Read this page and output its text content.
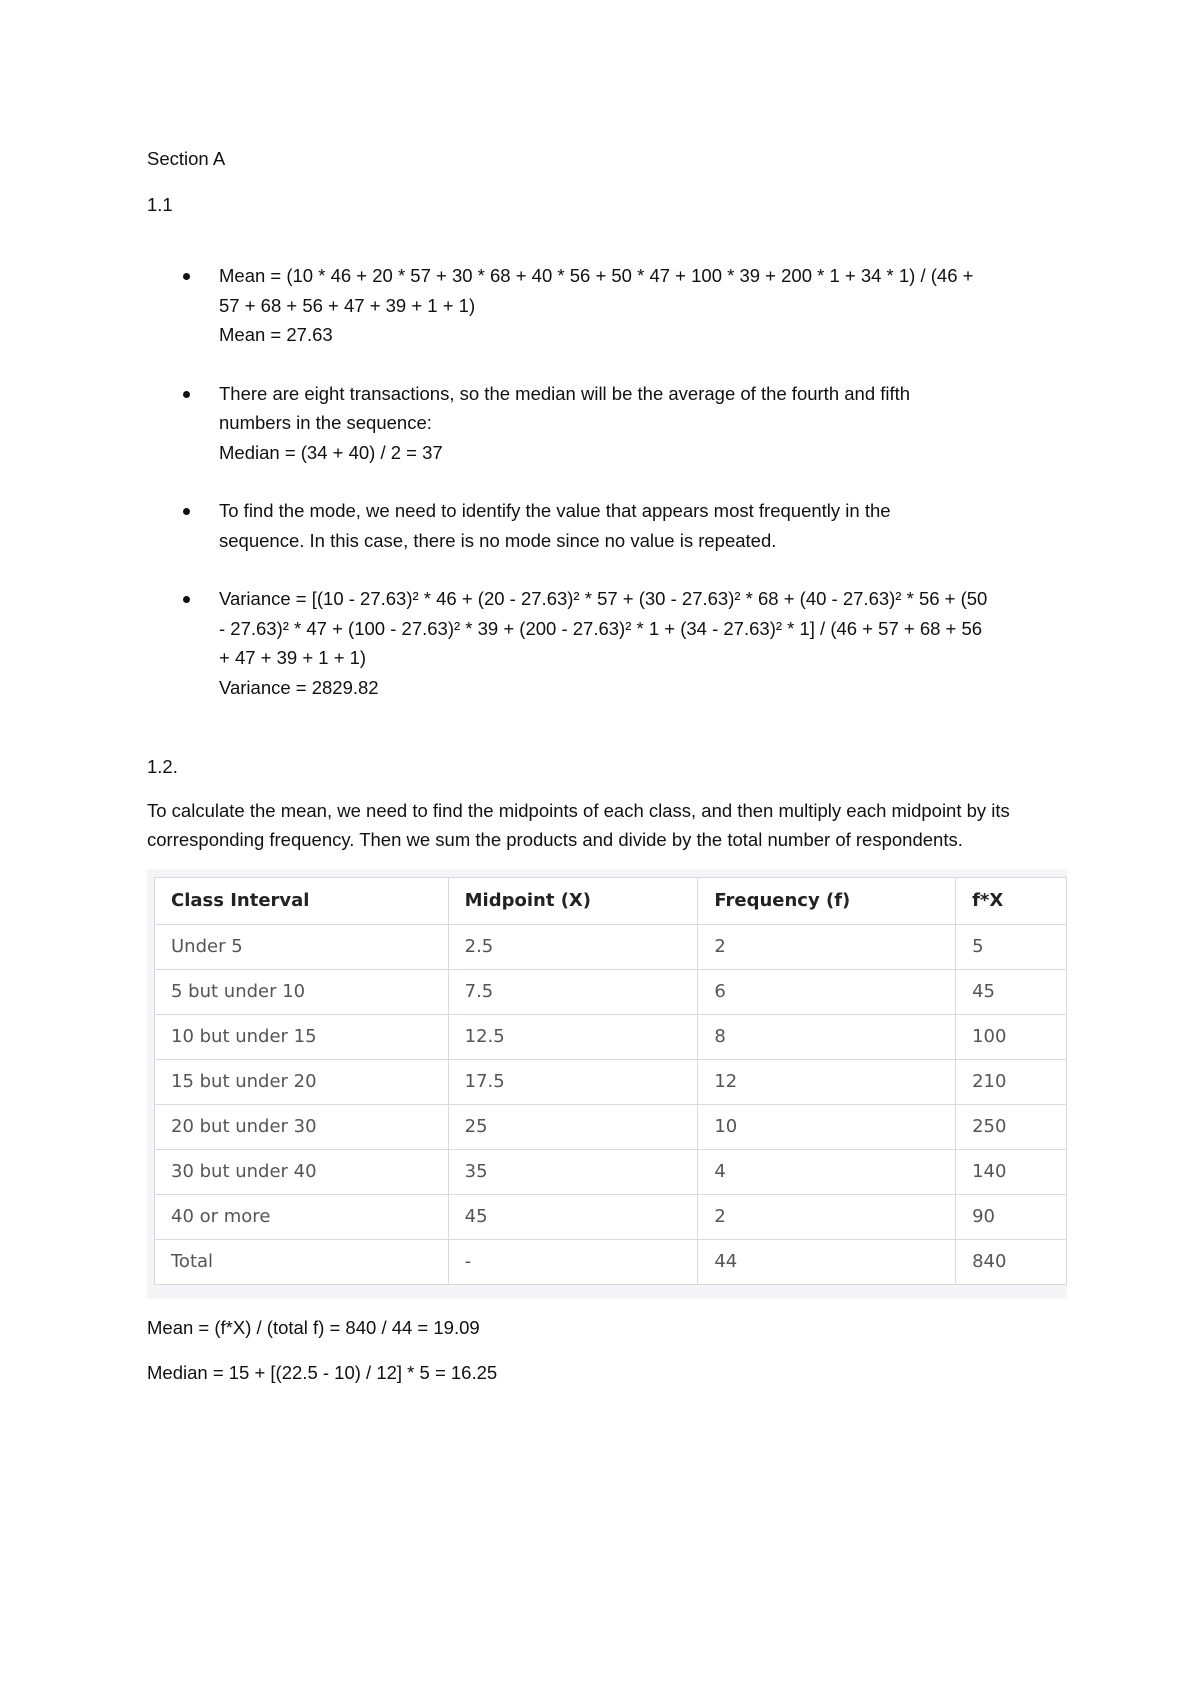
Section A

1.1

Mean = (10 * 46 + 20 * 57 + 30 * 68 + 40 * 56 + 50 * 47 + 100 * 39 + 200 * 1 + 34 * 1) / (46 +
57 + 68 + 56 + 47 + 39 + 1 + 1)
Mean = 27.63
There are eight transactions, so the median will be the average of the fourth and fifth
numbers in the sequence:
Median = (34 + 40) / 2 = 37
To find the mode, we need to identify the value that appears most frequently in the
sequence. In this case, there is no mode since no value is repeated.
Variance = [(10 - 27.63)² * 46 + (20 - 27.63)² * 57 + (30 - 27.63)² * 68 + (40 - 27.63)² * 56 + (50
- 27.63)² * 47 + (100 - 27.63)² * 39 + (200 - 27.63)² * 1 + (34 - 27.63)² * 1] / (46 + 57 + 68 + 56
+ 47 + 39 + 1 + 1)
Variance = 2829.82

1.2.

To calculate the mean, we need to find the midpoints of each class, and then multiply each midpoint by its corresponding frequency. Then we sum the products and divide by the total number of respondents.

Class Interval	Midpoint (X)	Frequency (f)	f*X
Under 5	2.5	2	5
5 but under 10	7.5	6	45
10 but under 15	12.5	8	100
15 but under 20	17.5	12	210
20 but under 30	25	10	250
30 but under 40	35	4	140
40 or more	45	2	90
Total	-	44	840

Mean = (f*X) / (total f) = 840 / 44 = 19.09

Median = 15 + [(22.5 - 10) / 12] * 5 = 16.25
